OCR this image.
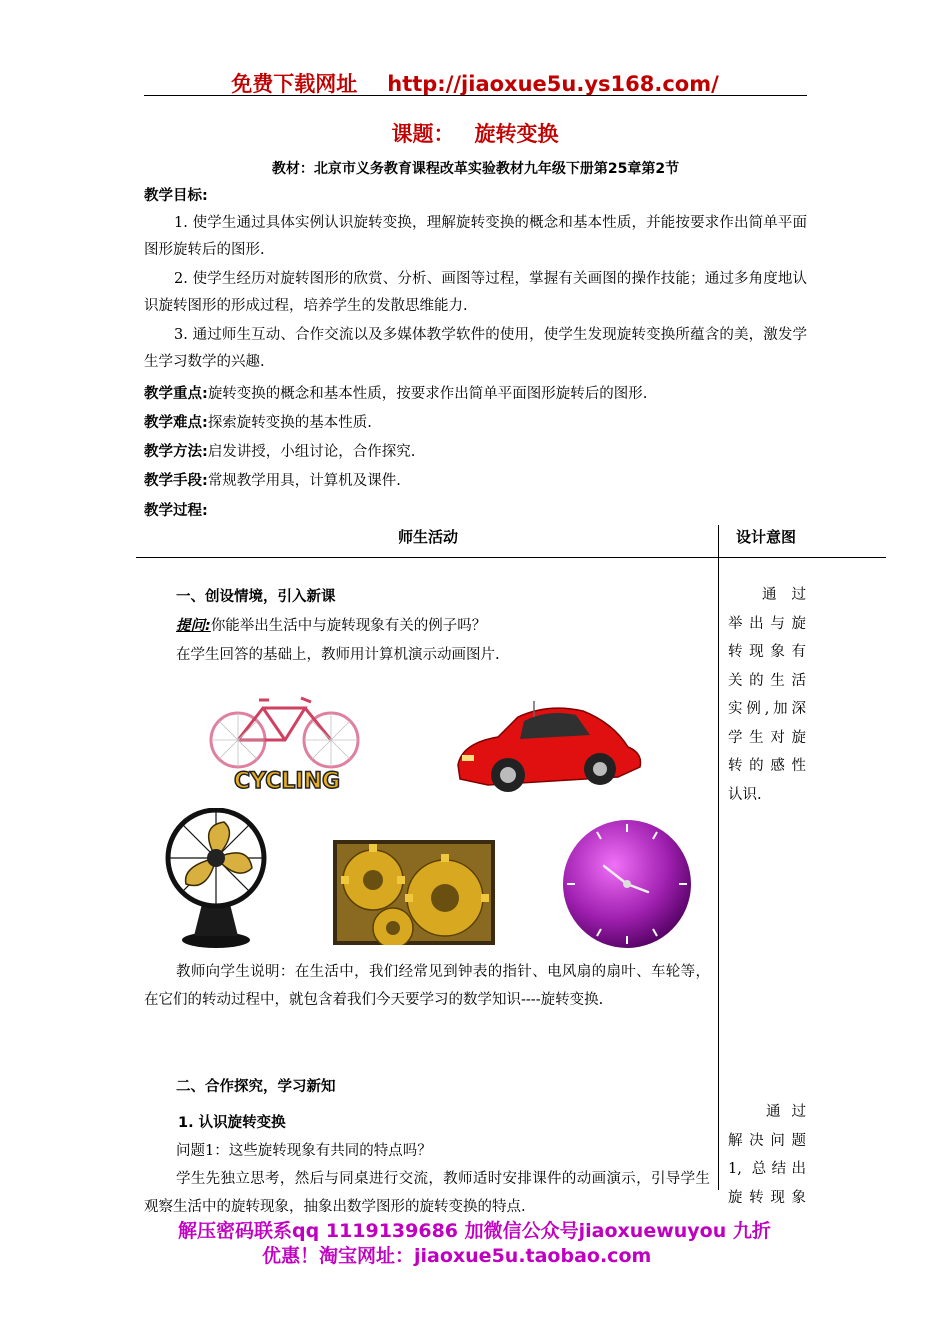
免费下载网址 http://jiaoxue5u.ys168.com/
课题： 旋转变换
教材：北京市义务教育课程改革实验教材九年级下册第25章第2节
教学目标:
1. 使学生通过具体实例认识旋转变换，理解旋转变换的概念和基本性质，并能按要求作出简单平面图形旋转后的图形.
2. 使学生经历对旋转图形的欣赏、分析、画图等过程，掌握有关画图的操作技能；通过多角度地认识旋转图形的形成过程，培养学生的发散思维能力.
3. 通过师生互动、合作交流以及多媒体教学软件的使用，使学生发现旋转变换所蕴含的美，激发学生学习数学的兴趣.
教学重点:旋转变换的概念和基本性质，按要求作出简单平面图形旋转后的图形.
教学难点:探索旋转变换的基本性质.
教学方法:启发讲授，小组讨论，合作探究.
教学手段:常规教学用具，计算机及课件.
教学过程:
师生活动	设计意图
一、创设情境，引入新课
提问:你能举出生活中与旋转现象有关的例子吗？
在学生回答的基础上，教师用计算机演示动画图片.
CYCLING
教师向学生说明：在生活中，我们经常见到钟表的指针、电风扇的扇叶、车轮等，在它们的转动过程中，就包含着我们今天要学习的数学知识----旋转变换.
二、合作探究，学习新知
1. 认识旋转变换
问题1：这些旋转现象有共同的特点吗？
学生先独立思考，然后与同桌进行交流，教师适时安排课件的动画演示，引导学生观察生活中的旋转现象，抽象出数学图形的旋转变换的特点.
通 过
举出与旋
转现象有
关的生活
实例,加深
学生对旋
转的感性
认识.
通 过
解决问题
1, 总结出
旋转现象
解压密码联系qq 1119139686 加微信公众号jiaoxuewuyou 九折
优惠！淘宝网址：jiaoxue5u.taobao.com
